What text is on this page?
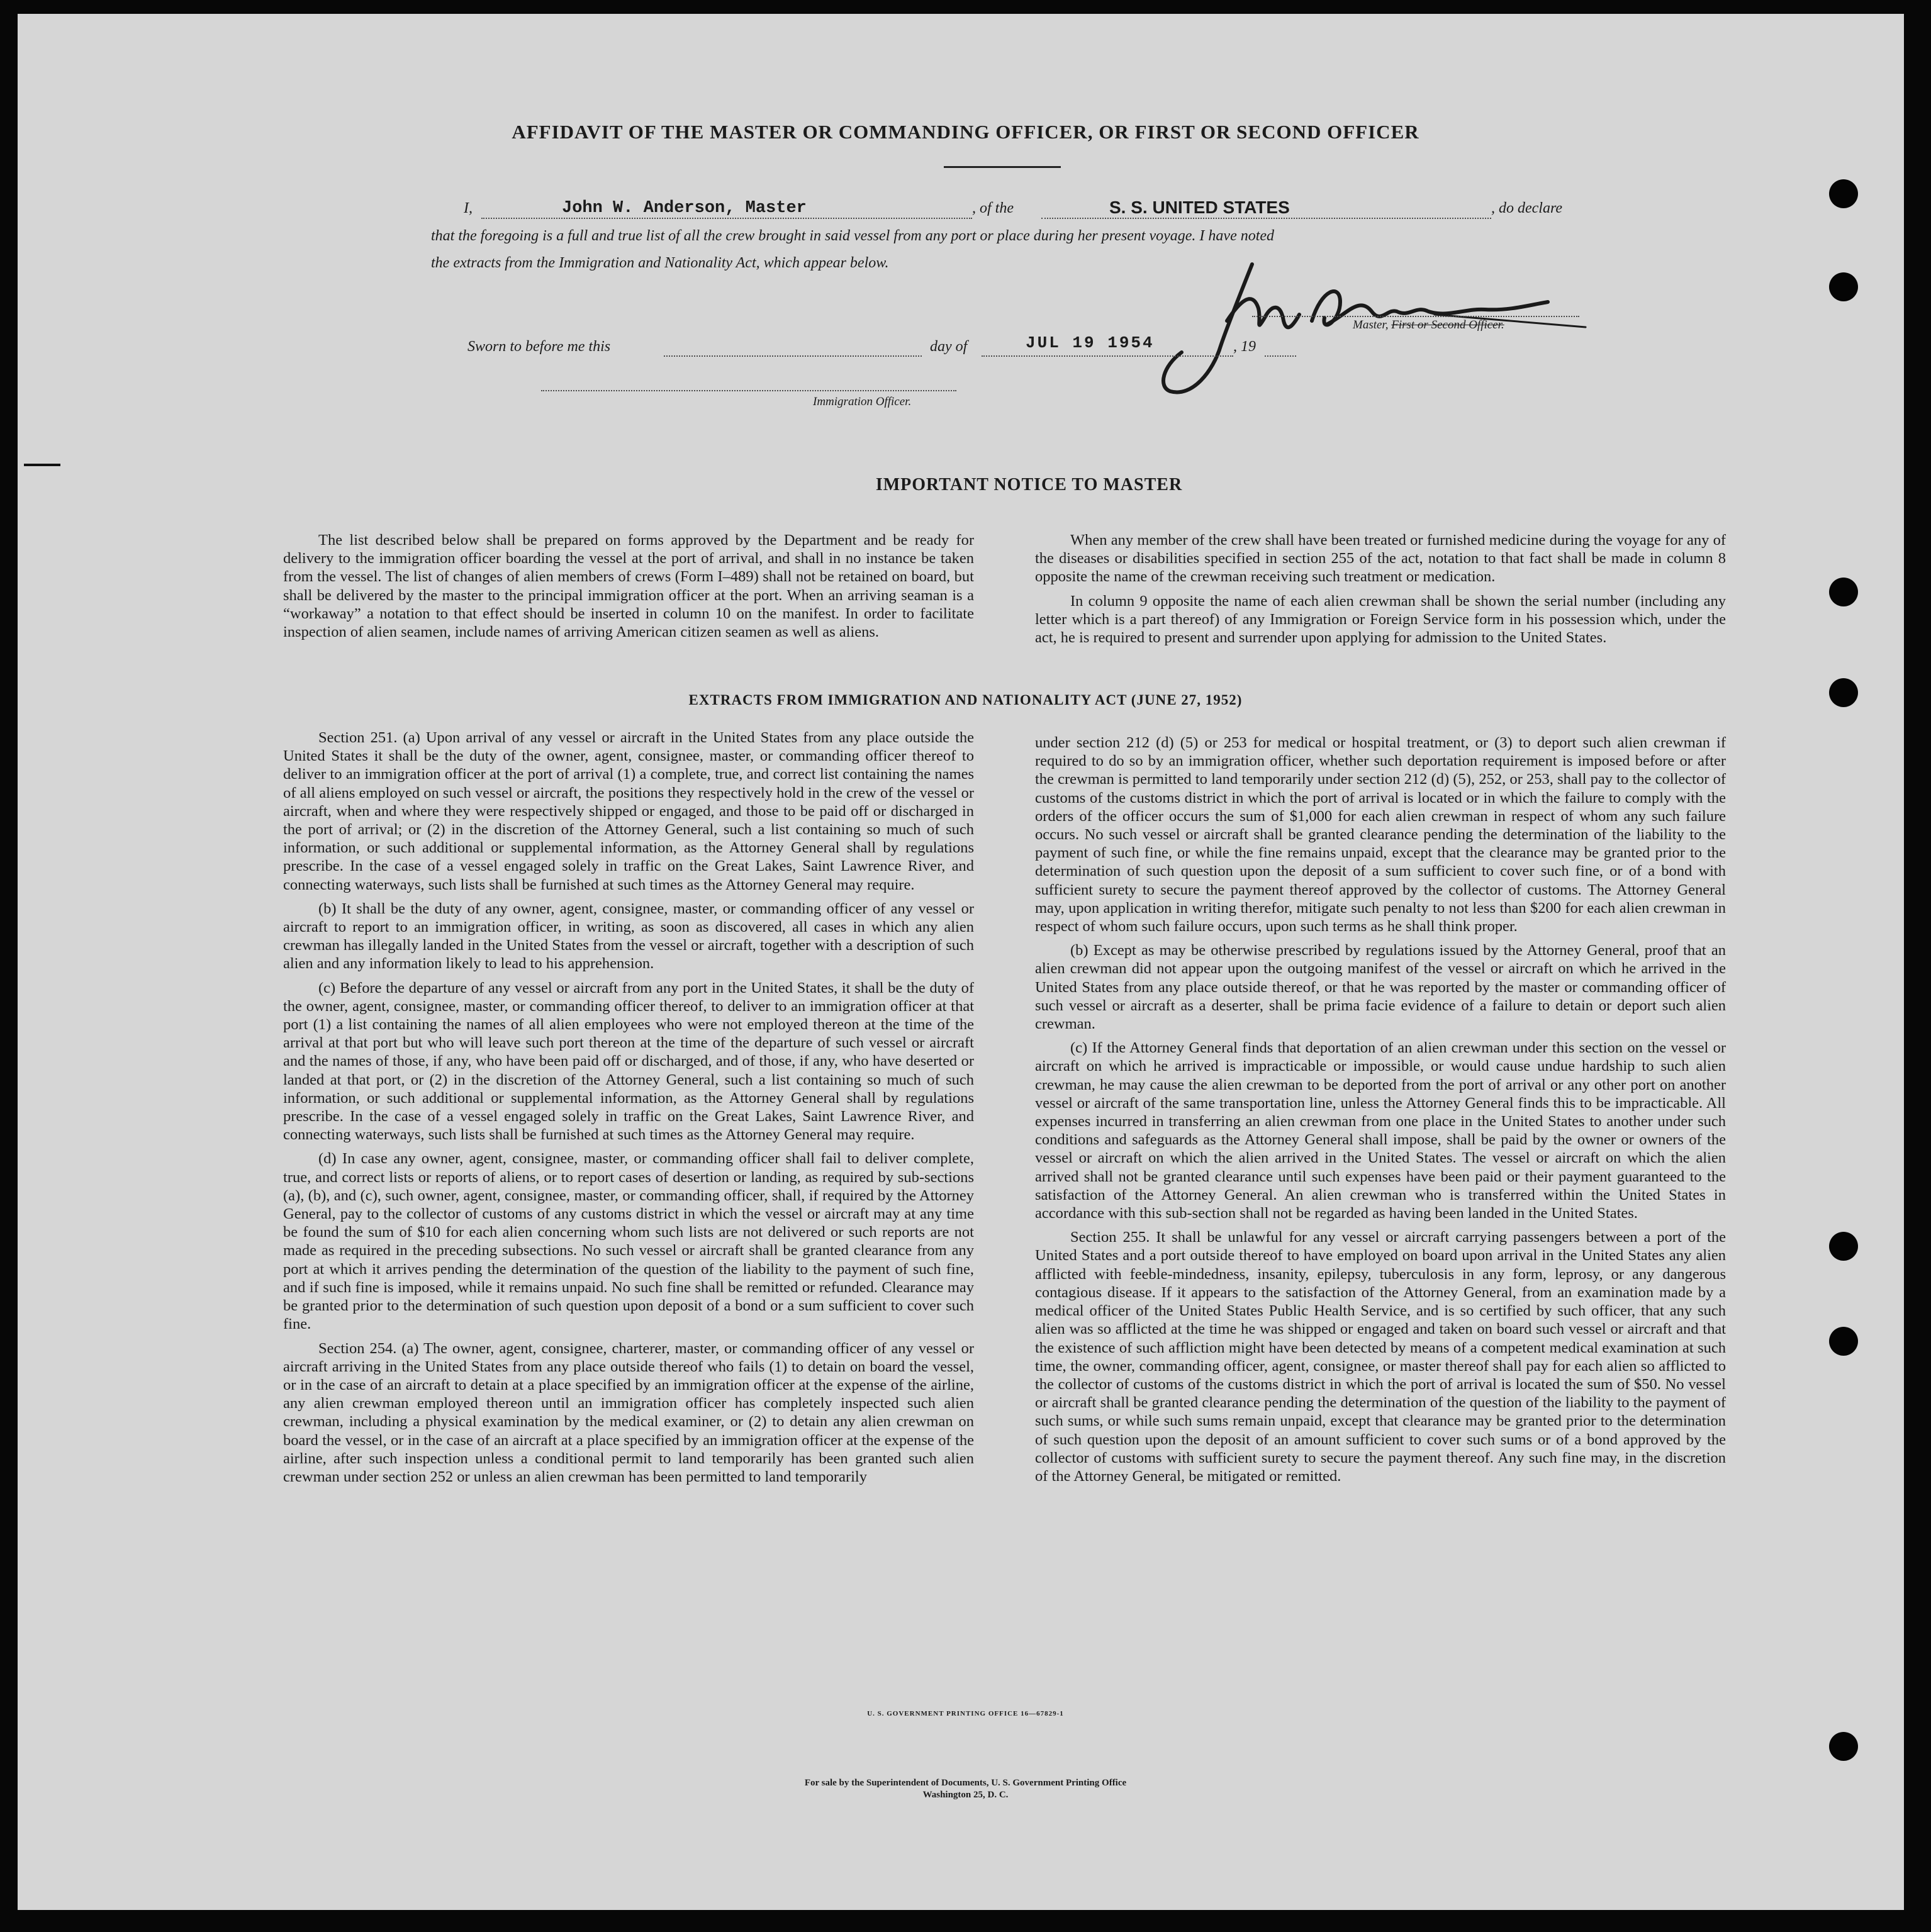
AFFIDAVIT OF THE MASTER OR COMMANDING OFFICER, OR FIRST OR SECOND OFFICER
I,	John W. Anderson, Master	, of the	S. S. UNITED STATES	, do declare
that the foregoing is a full and true list of all the crew brought in said vessel from any port or place during her present voyage. I have noted
the extracts from the Immigration and Nationality Act, which appear below.
Master, First or Second Officer.
Sworn to before me this	day of	JUL 19 1954	, 19
Immigration Officer.
IMPORTANT NOTICE TO MASTER

The list described below shall be prepared on forms approved by the Department and be ready for delivery to the immigration officer boarding the vessel at the port of arrival, and shall in no instance be taken from the vessel. The list of changes of alien members of crews (Form I–489) shall not be retained on board, but shall be delivered by the master to the principal immigration officer at the port. When an arriving seaman is a “workaway” a notation to that effect should be inserted in column 10 on the manifest. In order to facilitate inspection of alien seamen, include names of arriving American citizen seamen as well as aliens.

When any member of the crew shall have been treated or furnished medicine during the voyage for any of the diseases or disabilities specified in section 255 of the act, notation to that fact shall be made in column 8 opposite the name of the crewman receiving such treatment or medication.

In column 9 opposite the name of each alien crewman shall be shown the serial number (including any letter which is a part thereof) of any Immigration or Foreign Service form in his possession which, under the act, he is required to present and surrender upon applying for admission to the United States.

EXTRACTS FROM IMMIGRATION AND NATIONALITY ACT (JUNE 27, 1952)

Section 251. (a) Upon arrival of any vessel or aircraft in the United States from any place outside the United States it shall be the duty of the owner, agent, consignee, master, or commanding officer thereof to deliver to an immigration officer at the port of arrival (1) a complete, true, and correct list containing the names of all aliens employed on such vessel or aircraft, the positions they respectively hold in the crew of the vessel or aircraft, when and where they were respectively shipped or engaged, and those to be paid off or discharged in the port of arrival; or (2) in the discretion of the Attorney General, such a list containing so much of such information, or such additional or supplemental information, as the Attorney General shall by regulations prescribe. In the case of a vessel engaged solely in traffic on the Great Lakes, Saint Lawrence River, and connecting waterways, such lists shall be furnished at such times as the Attorney General may require.

(b) It shall be the duty of any owner, agent, consignee, master, or commanding officer of any vessel or aircraft to report to an immigration officer, in writing, as soon as discovered, all cases in which any alien crewman has illegally landed in the United States from the vessel or aircraft, together with a description of such alien and any information likely to lead to his apprehension.

(c) Before the departure of any vessel or aircraft from any port in the United States, it shall be the duty of the owner, agent, consignee, master, or commanding officer thereof, to deliver to an immigration officer at that port (1) a list containing the names of all alien employees who were not employed thereon at the time of the arrival at that port but who will leave such port thereon at the time of the departure of such vessel or aircraft and the names of those, if any, who have been paid off or discharged, and of those, if any, who have deserted or landed at that port, or (2) in the discretion of the Attorney General, such a list containing so much of such information, or such additional or supplemental information, as the Attorney General shall by regulations prescribe. In the case of a vessel engaged solely in traffic on the Great Lakes, Saint Lawrence River, and connecting waterways, such lists shall be furnished at such times as the Attorney General may require.

(d) In case any owner, agent, consignee, master, or commanding officer shall fail to deliver complete, true, and correct lists or reports of aliens, or to report cases of desertion or landing, as required by sub-sections (a), (b), and (c), such owner, agent, consignee, master, or commanding officer, shall, if required by the Attorney General, pay to the collector of customs of any customs district in which the vessel or aircraft may at any time be found the sum of $10 for each alien concerning whom such lists are not delivered or such reports are not made as required in the preceding subsections. No such vessel or aircraft shall be granted clearance from any port at which it arrives pending the determination of the question of the liability to the payment of such fine, and if such fine is imposed, while it remains unpaid. No such fine shall be remitted or refunded. Clearance may be granted prior to the determination of such question upon deposit of a bond or a sum sufficient to cover such fine.

Section 254. (a) The owner, agent, consignee, charterer, master, or commanding officer of any vessel or aircraft arriving in the United States from any place outside thereof who fails (1) to detain on board the vessel, or in the case of an aircraft to detain at a place specified by an immigration officer at the expense of the airline, any alien crewman employed thereon until an immigration officer has completely inspected such alien crewman, including a physical examination by the medical examiner, or (2) to detain any alien crewman on board the vessel, or in the case of an aircraft at a place specified by an immigration officer at the expense of the airline, after such inspection unless a conditional permit to land temporarily has been granted such alien crewman under section 252 or unless an alien crewman has been permitted to land temporarily

under section 212 (d) (5) or 253 for medical or hospital treatment, or (3) to deport such alien crewman if required to do so by an immigration officer, whether such deportation requirement is imposed before or after the crewman is permitted to land temporarily under section 212 (d) (5), 252, or 253, shall pay to the collector of customs of the customs district in which the port of arrival is located or in which the failure to comply with the orders of the officer occurs the sum of $1,000 for each alien crewman in respect of whom any such failure occurs. No such vessel or aircraft shall be granted clearance pending the determination of the liability to the payment of such fine, or while the fine remains unpaid, except that the clearance may be granted prior to the determination of such question upon the deposit of a sum sufficient to cover such fine, or of a bond with sufficient surety to secure the payment thereof approved by the collector of customs. The Attorney General may, upon application in writing therefor, mitigate such penalty to not less than $200 for each alien crewman in respect of whom such failure occurs, upon such terms as he shall think proper.

(b) Except as may be otherwise prescribed by regulations issued by the Attorney General, proof that an alien crewman did not appear upon the outgoing manifest of the vessel or aircraft on which he arrived in the United States from any place outside thereof, or that he was reported by the master or commanding officer of such vessel or aircraft as a deserter, shall be prima facie evidence of a failure to detain or deport such alien crewman.

(c) If the Attorney General finds that deportation of an alien crewman under this section on the vessel or aircraft on which he arrived is impracticable or impossible, or would cause undue hardship to such alien crewman, he may cause the alien crewman to be deported from the port of arrival or any other port on another vessel or aircraft of the same transportation line, unless the Attorney General finds this to be impracticable. All expenses incurred in transferring an alien crewman from one place in the United States to another under such conditions and safeguards as the Attorney General shall impose, shall be paid by the owner or owners of the vessel or aircraft on which the alien arrived in the United States. The vessel or aircraft on which the alien arrived shall not be granted clearance until such expenses have been paid or their payment guaranteed to the satisfaction of the Attorney General. An alien crewman who is transferred within the United States in accordance with this sub-section shall not be regarded as having been landed in the United States.

Section 255. It shall be unlawful for any vessel or aircraft carrying passengers between a port of the United States and a port outside thereof to have employed on board upon arrival in the United States any alien afflicted with feeble-mindedness, insanity, epilepsy, tuberculosis in any form, leprosy, or any dangerous contagious disease. If it appears to the satisfaction of the Attorney General, from an examination made by a medical officer of the United States Public Health Service, and is so certified by such officer, that any such alien was so afflicted at the time he was shipped or engaged and taken on board such vessel or aircraft and that the existence of such affliction might have been detected by means of a competent medical examination at such time, the owner, commanding officer, agent, consignee, or master thereof shall pay for each alien so afflicted to the collector of customs of the customs district in which the port of arrival is located the sum of $50. No vessel or aircraft shall be granted clearance pending the determination of the question of the liability to the payment of such sums, or while such sums remain unpaid, except that clearance may be granted prior to the determination of such question upon the deposit of an amount sufficient to cover such sums or of a bond approved by the collector of customs with sufficient surety to secure the payment thereof. Any such fine may, in the discretion of the Attorney General, be mitigated or remitted.

U. S. GOVERNMENT PRINTING OFFICE 16—67829-1
For sale by the Superintendent of Documents, U. S. Government Printing Office
Washington 25, D. C.
